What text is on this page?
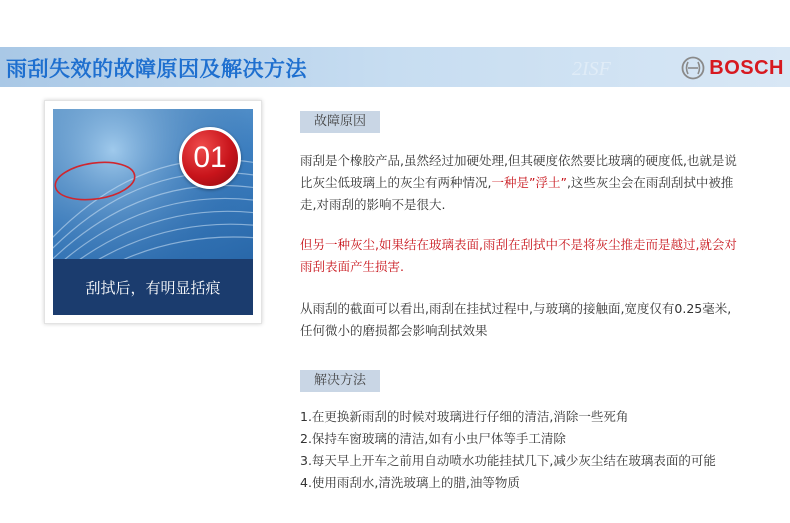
雨刮失效的故障原因及解决方法	2ISF	BOSCH
01
刮拭后，有明显括痕
故障原因
雨刮是个橡胶产品,虽然经过加硬处理,但其硬度依然要比玻璃的硬度低,也就是说比灰尘低玻璃上的灰尘有两种情况,一种是”浮土”,这些灰尘会在雨刮刮拭中被推走,对雨刮的影响不是很大.
但另一种灰尘,如果结在玻璃表面,雨刮在刮拭中不是将灰尘推走而是越过,就会对雨刮表面产生损害.
从雨刮的截面可以看出,雨刮在挂拭过程中,与玻璃的接触面,宽度仅有0.25毫米,任何微小的磨损都会影响刮拭效果
解决方法
1.在更换新雨刮的时候对玻璃进行仔细的清洁,消除一些死角
2.保持车窗玻璃的清洁,如有小虫尸体等手工清除
3.每天早上开车之前用自动喷水功能挂拭几下,减少灰尘结在玻璃表面的可能
4.使用雨刮水,清洗玻璃上的腊,油等物质
